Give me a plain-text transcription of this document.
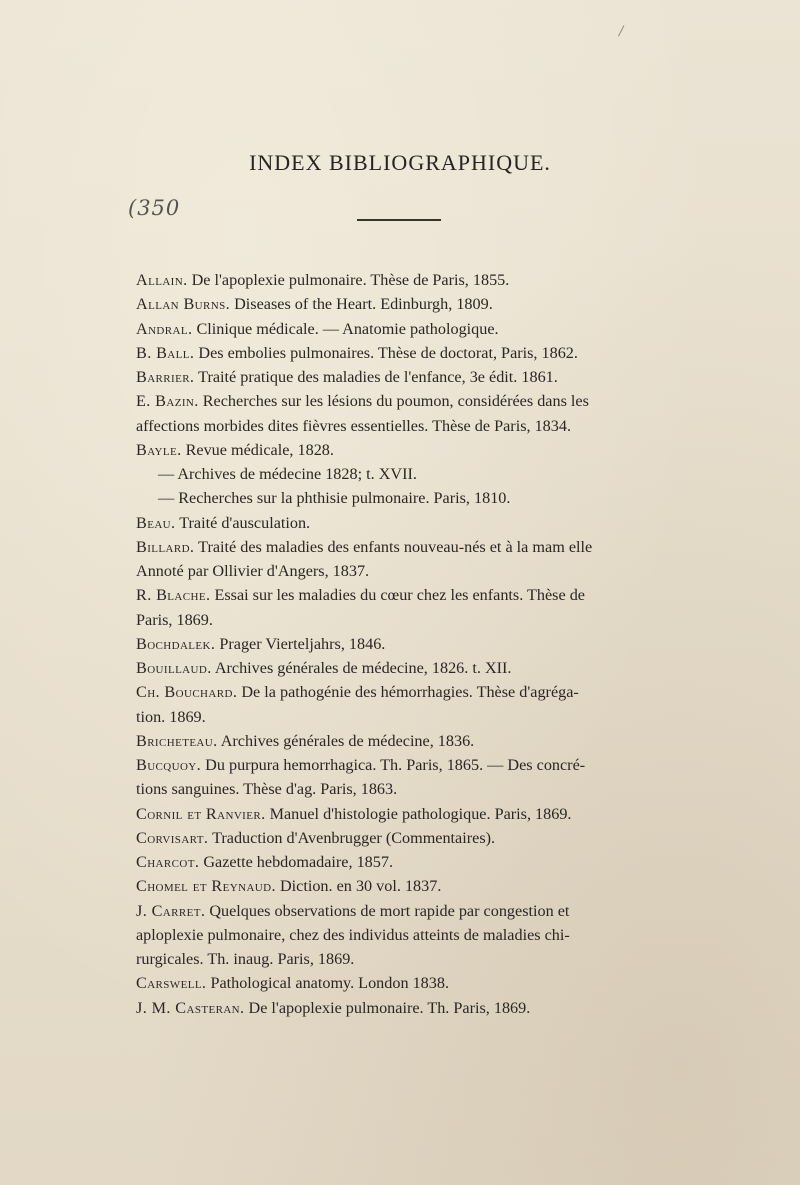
/
INDEX BIBLIOGRAPHIQUE.
(350
Allain. De l'apoplexie pulmonaire. Thèse de Paris, 1855.
Allan Burns. Diseases of the Heart. Edinburgh, 1809.
Andral. Clinique médicale. — Anatomie pathologique.
B. Ball. Des embolies pulmonaires. Thèse de doctorat, Paris, 1862.
Barrier. Traité pratique des maladies de l'enfance, 3e édit. 1861.
E. Bazin. Recherches sur les lésions du poumon, considérées dans les
affections morbides dites fièvres essentielles. Thèse de Paris, 1834.
Bayle. Revue médicale, 1828.
— Archives de médecine 1828; t. XVII.
— Recherches sur la phthisie pulmonaire. Paris, 1810.
Beau. Traité d'ausculation.
Billard. Traité des maladies des enfants nouveau-nés et à la mam elle
Annoté par Ollivier d'Angers, 1837.
R. Blache. Essai sur les maladies du cœur chez les enfants. Thèse de
Paris, 1869.
Bochdalek. Prager Vierteljahrs, 1846.
Bouillaud. Archives générales de médecine, 1826. t. XII.
Ch. Bouchard. De la pathogénie des hémorrhagies. Thèse d'agréga-
tion. 1869.
Bricheteau. Archives générales de médecine, 1836.
Bucquoy. Du purpura hemorrhagica. Th. Paris, 1865. — Des concré-
tions sanguines. Thèse d'ag. Paris, 1863.
Cornil et Ranvier. Manuel d'histologie pathologique. Paris, 1869.
Corvisart. Traduction d'Avenbrugger (Commentaires).
Charcot. Gazette hebdomadaire, 1857.
Chomel et Reynaud. Diction. en 30 vol. 1837.
J. Carret. Quelques observations de mort rapide par congestion et
aploplexie pulmonaire, chez des individus atteints de maladies chi-
rurgicales. Th. inaug. Paris, 1869.
Carswell. Pathological anatomy. London 1838.
J. M. Casteran. De l'apoplexie pulmonaire. Th. Paris, 1869.
